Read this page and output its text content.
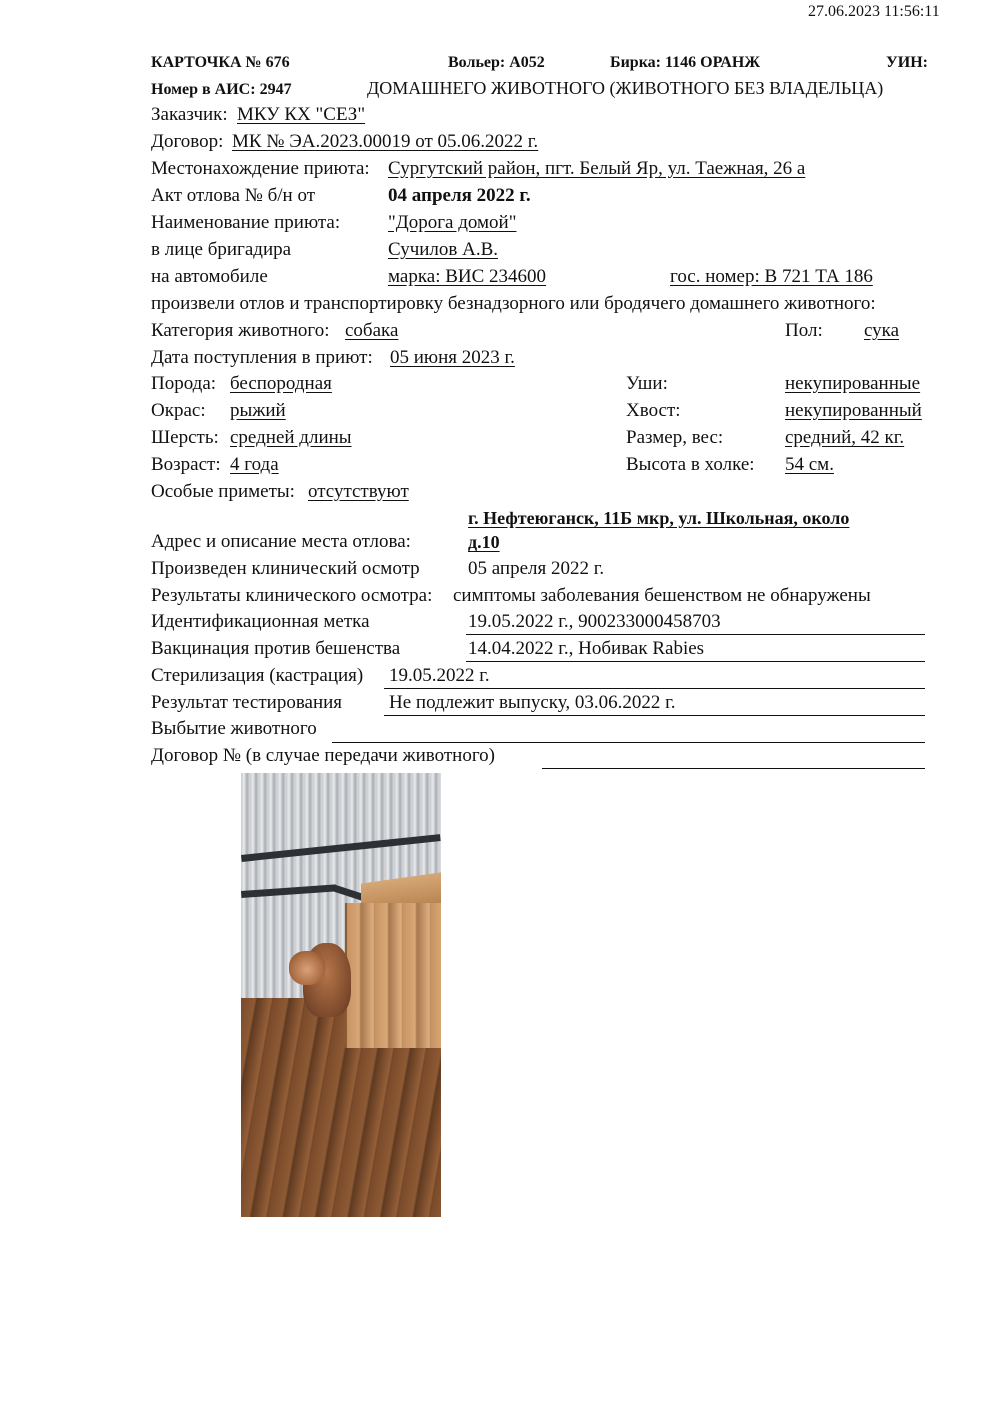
27.06.2023 11:56:11
КАРТОЧКА № 676	Вольер: A052	Бирка: 1146 ОРАНЖ	УИН:
Номер в АИС: 2947	ДОМАШНЕГО ЖИВОТНОГО (ЖИВОТНОГО БЕЗ ВЛАДЕЛЬЦА)
Заказчик: МКУ КХ "СЕЗ"
Договор: МК № ЭА.2023.00019 от 05.06.2022 г.
Местонахождение приюта: Сургутский район, пгт. Белый Яр, ул. Таежная, 26 а
Акт отлова № б/н от	04 апреля 2022 г.
Наименование приюта:	"Дорога домой"
в лице бригадира	Сучилов А.В.
на автомобиле	марка: ВИС 234600	гос. номер: В 721 ТА 186
произвели отлов и транспортировку безнадзорного или бродячего домашнего животного:
Категория животного: собака	Пол: сука
Дата поступления в приют: 05 июня 2023 г.
Порода: беспородная	Уши:	некупированные
Окрас: рыжий	Хвост:	некупированный
Шерсть: средней длины	Размер, вес:	средний, 42 кг.
Возраст: 4 года	Высота в холке: 54 см.
Особые приметы: отсутствуют
г. Нефтеюганск, 11Б мкр, ул. Школьная, около
Адрес и описание места отлова:	д.10
Произведен клинический осмотр	05 апреля 2022 г.
Результаты клинического осмотра: симптомы заболевания бешенством не обнаружены
Идентификационная метка	19.05.2022 г., 900233000458703
Вакцинация против бешенства	14.04.2022 г., Нобивак Rabies
Стерилизация (кастрация) 19.05.2022 г.
Результат тестирования Не подлежит выпуску, 03.06.2022 г.
Выбытие животного
Договор № (в случае передачи животного)
